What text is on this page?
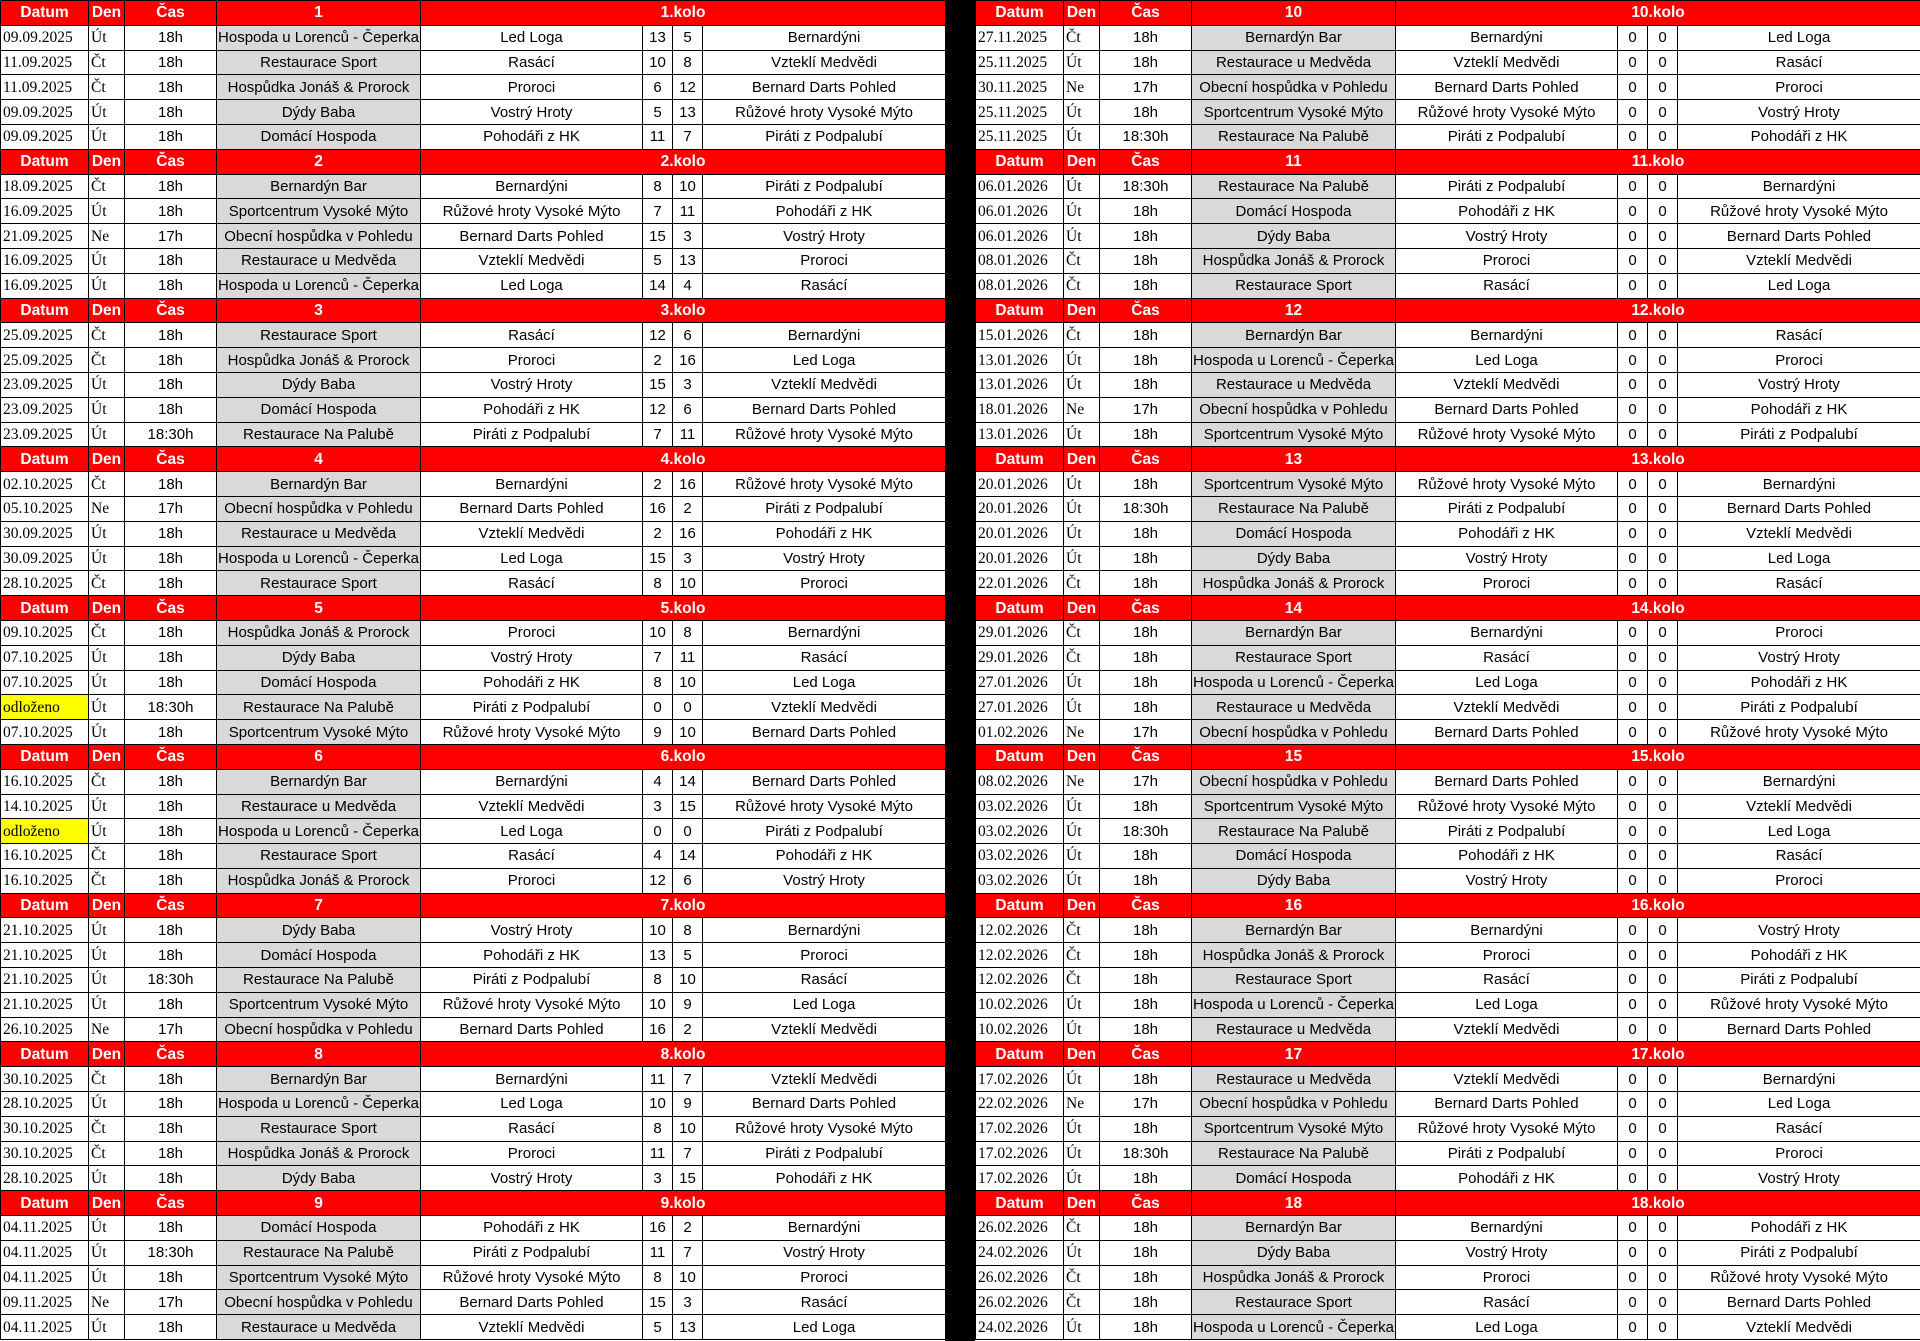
Datum	Den	Čas	1	1.kolo			
09.09.2025	Út	18h	Hospoda u Lorenců - Čeperka	Led Loga	13	5	Bernardýni
11.09.2025	Čt	18h	Restaurace Sport	Rasácí	10	8	Vzteklí Medvědi
11.09.2025	Čt	18h	Hospůdka Jonáš & Prorock	Proroci	6	12	Bernard Darts Pohled
09.09.2025	Út	18h	Dýdy Baba	Vostrý Hroty	5	13	Růžové hroty Vysoké Mýto
09.09.2025	Út	18h	Domácí Hospoda	Pohodáři z HK	11	7	Piráti z Podpalubí
Datum	Den	Čas	2	2.kolo			
18.09.2025	Čt	18h	Bernardýn Bar	Bernardýni	8	10	Piráti z Podpalubí
16.09.2025	Út	18h	Sportcentrum Vysoké Mýto	Růžové hroty Vysoké Mýto	7	11	Pohodáři z HK
21.09.2025	Ne	17h	Obecní hospůdka v Pohledu	Bernard Darts Pohled	15	3	Vostrý Hroty
16.09.2025	Út	18h	Restaurace u Medvěda	Vzteklí Medvědi	5	13	Proroci
16.09.2025	Út	18h	Hospoda u Lorenců - Čeperka	Led Loga	14	4	Rasácí
Datum	Den	Čas	3	3.kolo			
25.09.2025	Čt	18h	Restaurace Sport	Rasácí	12	6	Bernardýni
25.09.2025	Čt	18h	Hospůdka Jonáš & Prorock	Proroci	2	16	Led Loga
23.09.2025	Út	18h	Dýdy Baba	Vostrý Hroty	15	3	Vzteklí Medvědi
23.09.2025	Út	18h	Domácí Hospoda	Pohodáři z HK	12	6	Bernard Darts Pohled
23.09.2025	Út	18:30h	Restaurace Na Palubě	Piráti z Podpalubí	7	11	Růžové hroty Vysoké Mýto
Datum	Den	Čas	4	4.kolo			
02.10.2025	Čt	18h	Bernardýn Bar	Bernardýni	2	16	Růžové hroty Vysoké Mýto
05.10.2025	Ne	17h	Obecní hospůdka v Pohledu	Bernard Darts Pohled	16	2	Piráti z Podpalubí
30.09.2025	Út	18h	Restaurace u Medvěda	Vzteklí Medvědi	2	16	Pohodáři z HK
30.09.2025	Út	18h	Hospoda u Lorenců - Čeperka	Led Loga	15	3	Vostrý Hroty
28.10.2025	Čt	18h	Restaurace Sport	Rasácí	8	10	Proroci
Datum	Den	Čas	5	5.kolo			
09.10.2025	Čt	18h	Hospůdka Jonáš & Prorock	Proroci	10	8	Bernardýni
07.10.2025	Út	18h	Dýdy Baba	Vostrý Hroty	7	11	Rasácí
07.10.2025	Út	18h	Domácí Hospoda	Pohodáři z HK	8	10	Led Loga
odloženo	Út	18:30h	Restaurace Na Palubě	Piráti z Podpalubí	0	0	Vzteklí Medvědi
07.10.2025	Út	18h	Sportcentrum Vysoké Mýto	Růžové hroty Vysoké Mýto	9	10	Bernard Darts Pohled
Datum	Den	Čas	6	6.kolo			
16.10.2025	Čt	18h	Bernardýn Bar	Bernardýni	4	14	Bernard Darts Pohled
14.10.2025	Út	18h	Restaurace u Medvěda	Vzteklí Medvědi	3	15	Růžové hroty Vysoké Mýto
odloženo	Út	18h	Hospoda u Lorenců - Čeperka	Led Loga	0	0	Piráti z Podpalubí
16.10.2025	Čt	18h	Restaurace Sport	Rasácí	4	14	Pohodáři z HK
16.10.2025	Čt	18h	Hospůdka Jonáš & Prorock	Proroci	12	6	Vostrý Hroty
Datum	Den	Čas	7	7.kolo			
21.10.2025	Út	18h	Dýdy Baba	Vostrý Hroty	10	8	Bernardýni
21.10.2025	Út	18h	Domácí Hospoda	Pohodáři z HK	13	5	Proroci
21.10.2025	Út	18:30h	Restaurace Na Palubě	Piráti z Podpalubí	8	10	Rasácí
21.10.2025	Út	18h	Sportcentrum Vysoké Mýto	Růžové hroty Vysoké Mýto	10	9	Led Loga
26.10.2025	Ne	17h	Obecní hospůdka v Pohledu	Bernard Darts Pohled	16	2	Vzteklí Medvědi
Datum	Den	Čas	8	8.kolo			
30.10.2025	Čt	18h	Bernardýn Bar	Bernardýni	11	7	Vzteklí Medvědi
28.10.2025	Út	18h	Hospoda u Lorenců - Čeperka	Led Loga	10	9	Bernard Darts Pohled
30.10.2025	Čt	18h	Restaurace Sport	Rasácí	8	10	Růžové hroty Vysoké Mýto
30.10.2025	Čt	18h	Hospůdka Jonáš & Prorock	Proroci	11	7	Piráti z Podpalubí
28.10.2025	Út	18h	Dýdy Baba	Vostrý Hroty	3	15	Pohodáři z HK
Datum	Den	Čas	9	9.kolo			
04.11.2025	Út	18h	Domácí Hospoda	Pohodáři z HK	16	2	Bernardýni
04.11.2025	Út	18:30h	Restaurace Na Palubě	Piráti z Podpalubí	11	7	Vostrý Hroty
04.11.2025	Út	18h	Sportcentrum Vysoké Mýto	Růžové hroty Vysoké Mýto	8	10	Proroci
09.11.2025	Ne	17h	Obecní hospůdka v Pohledu	Bernard Darts Pohled	15	3	Rasácí
04.11.2025	Út	18h	Restaurace u Medvěda	Vzteklí Medvědi	5	13	Led Loga
Datum	Den	Čas	10	10.kolo			
27.11.2025	Čt	18h	Bernardýn Bar	Bernardýni	0	0	Led Loga
25.11.2025	Út	18h	Restaurace u Medvěda	Vzteklí Medvědi	0	0	Rasácí
30.11.2025	Ne	17h	Obecní hospůdka v Pohledu	Bernard Darts Pohled	0	0	Proroci
25.11.2025	Út	18h	Sportcentrum Vysoké Mýto	Růžové hroty Vysoké Mýto	0	0	Vostrý Hroty
25.11.2025	Út	18:30h	Restaurace Na Palubě	Piráti z Podpalubí	0	0	Pohodáři z HK
Datum	Den	Čas	11	11.kolo			
06.01.2026	Út	18:30h	Restaurace Na Palubě	Piráti z Podpalubí	0	0	Bernardýni
06.01.2026	Út	18h	Domácí Hospoda	Pohodáři z HK	0	0	Růžové hroty Vysoké Mýto
06.01.2026	Út	18h	Dýdy Baba	Vostrý Hroty	0	0	Bernard Darts Pohled
08.01.2026	Čt	18h	Hospůdka Jonáš & Prorock	Proroci	0	0	Vzteklí Medvědi
08.01.2026	Čt	18h	Restaurace Sport	Rasácí	0	0	Led Loga
Datum	Den	Čas	12	12.kolo			
15.01.2026	Čt	18h	Bernardýn Bar	Bernardýni	0	0	Rasácí
13.01.2026	Út	18h	Hospoda u Lorenců - Čeperka	Led Loga	0	0	Proroci
13.01.2026	Út	18h	Restaurace u Medvěda	Vzteklí Medvědi	0	0	Vostrý Hroty
18.01.2026	Ne	17h	Obecní hospůdka v Pohledu	Bernard Darts Pohled	0	0	Pohodáři z HK
13.01.2026	Út	18h	Sportcentrum Vysoké Mýto	Růžové hroty Vysoké Mýto	0	0	Piráti z Podpalubí
Datum	Den	Čas	13	13.kolo			
20.01.2026	Út	18h	Sportcentrum Vysoké Mýto	Růžové hroty Vysoké Mýto	0	0	Bernardýni
20.01.2026	Út	18:30h	Restaurace Na Palubě	Piráti z Podpalubí	0	0	Bernard Darts Pohled
20.01.2026	Út	18h	Domácí Hospoda	Pohodáři z HK	0	0	Vzteklí Medvědi
20.01.2026	Út	18h	Dýdy Baba	Vostrý Hroty	0	0	Led Loga
22.01.2026	Čt	18h	Hospůdka Jonáš & Prorock	Proroci	0	0	Rasácí
Datum	Den	Čas	14	14.kolo			
29.01.2026	Čt	18h	Bernardýn Bar	Bernardýni	0	0	Proroci
29.01.2026	Čt	18h	Restaurace Sport	Rasácí	0	0	Vostrý Hroty
27.01.2026	Út	18h	Hospoda u Lorenců - Čeperka	Led Loga	0	0	Pohodáři z HK
27.01.2026	Út	18h	Restaurace u Medvěda	Vzteklí Medvědi	0	0	Piráti z Podpalubí
01.02.2026	Ne	17h	Obecní hospůdka v Pohledu	Bernard Darts Pohled	0	0	Růžové hroty Vysoké Mýto
Datum	Den	Čas	15	15.kolo			
08.02.2026	Ne	17h	Obecní hospůdka v Pohledu	Bernard Darts Pohled	0	0	Bernardýni
03.02.2026	Út	18h	Sportcentrum Vysoké Mýto	Růžové hroty Vysoké Mýto	0	0	Vzteklí Medvědi
03.02.2026	Út	18:30h	Restaurace Na Palubě	Piráti z Podpalubí	0	0	Led Loga
03.02.2026	Út	18h	Domácí Hospoda	Pohodáři z HK	0	0	Rasácí
03.02.2026	Út	18h	Dýdy Baba	Vostrý Hroty	0	0	Proroci
Datum	Den	Čas	16	16.kolo			
12.02.2026	Čt	18h	Bernardýn Bar	Bernardýni	0	0	Vostrý Hroty
12.02.2026	Čt	18h	Hospůdka Jonáš & Prorock	Proroci	0	0	Pohodáři z HK
12.02.2026	Čt	18h	Restaurace Sport	Rasácí	0	0	Piráti z Podpalubí
10.02.2026	Út	18h	Hospoda u Lorenců - Čeperka	Led Loga	0	0	Růžové hroty Vysoké Mýto
10.02.2026	Út	18h	Restaurace u Medvěda	Vzteklí Medvědi	0	0	Bernard Darts Pohled
Datum	Den	Čas	17	17.kolo			
17.02.2026	Út	18h	Restaurace u Medvěda	Vzteklí Medvědi	0	0	Bernardýni
22.02.2026	Ne	17h	Obecní hospůdka v Pohledu	Bernard Darts Pohled	0	0	Led Loga
17.02.2026	Út	18h	Sportcentrum Vysoké Mýto	Růžové hroty Vysoké Mýto	0	0	Rasácí
17.02.2026	Út	18:30h	Restaurace Na Palubě	Piráti z Podpalubí	0	0	Proroci
17.02.2026	Út	18h	Domácí Hospoda	Pohodáři z HK	0	0	Vostrý Hroty
Datum	Den	Čas	18	18.kolo			
26.02.2026	Čt	18h	Bernardýn Bar	Bernardýni	0	0	Pohodáři z HK
24.02.2026	Út	18h	Dýdy Baba	Vostrý Hroty	0	0	Piráti z Podpalubí
26.02.2026	Čt	18h	Hospůdka Jonáš & Prorock	Proroci	0	0	Růžové hroty Vysoké Mýto
26.02.2026	Čt	18h	Restaurace Sport	Rasácí	0	0	Bernard Darts Pohled
24.02.2026	Út	18h	Hospoda u Lorenců - Čeperka	Led Loga	0	0	Vzteklí Medvědi
